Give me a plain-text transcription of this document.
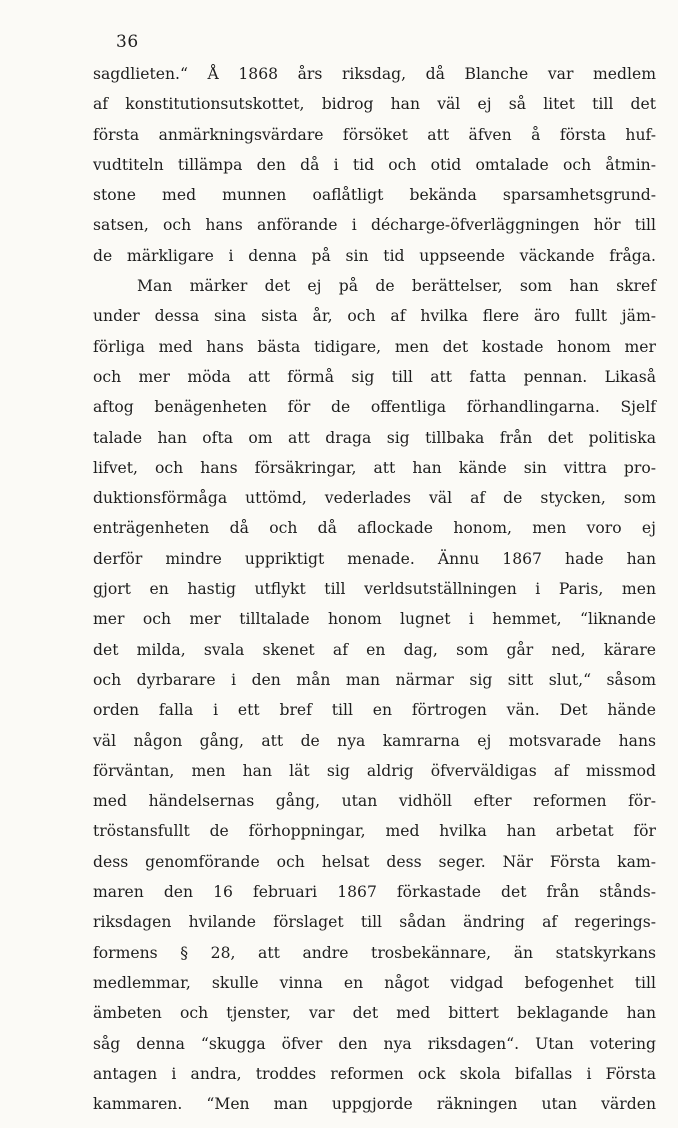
36
sagdlieten.“ Å 1868 års riksdag, då Blanche var medlem
af konstitutionsutskottet, bidrog han väl ej så litet till det
första anmärkningsvärdare försöket att äfven å första huf-
vudtiteln tillämpa den då i tid och otid omtalade och åtmin-
stone med munnen oaflåtligt bekända sparsamhetsgrund-
satsen, och hans anförande i décharge-öfverläggningen hör till
de märkligare i denna på sin tid uppseende väckande fråga.
Man märker det ej på de berättelser, som han skref
under dessa sina sista år, och af hvilka flere äro fullt jäm-
förliga med hans bästa tidigare, men det kostade honom mer
och mer möda att förmå sig till att fatta pennan. Likaså
aftog benägenheten för de offentliga förhandlingarna. Sjelf
talade han ofta om att draga sig tillbaka från det politiska
lifvet, och hans försäkringar, att han kände sin vittra pro-
duktionsförmåga uttömd, vederlades väl af de stycken, som
enträgenheten då och då aflockade honom, men voro ej
derför mindre uppriktigt menade. Ännu 1867 hade han
gjort en hastig utflykt till verldsutställningen i Paris, men
mer och mer tilltalade honom lugnet i hemmet, “liknande
det milda, svala skenet af en dag, som går ned, kärare
och dyrbarare i den mån man närmar sig sitt slut,“ såsom
orden falla i ett bref till en förtrogen vän. Det hände
väl någon gång, att de nya kamrarna ej motsvarade hans
förväntan, men han lät sig aldrig öfverväldigas af missmod
med händelsernas gång, utan vidhöll efter reformen för-
tröstansfullt de förhoppningar, med hvilka han arbetat för
dess genomförande och helsat dess seger. När Första kam-
maren den 16 februari 1867 förkastade det från stånds-
riksdagen hvilande förslaget till sådan ändring af regerings-
formens § 28, att andre trosbekännare, än statskyrkans
medlemmar, skulle vinna en något vidgad befogenhet till
ämbeten och tjenster, var det med bittert beklagande han
såg denna “skugga öfver den nya riksdagen“. Utan votering
antagen i andra, troddes reformen ock skola bifallas i Första
kammaren. “Men man uppgjorde räkningen utan värden
